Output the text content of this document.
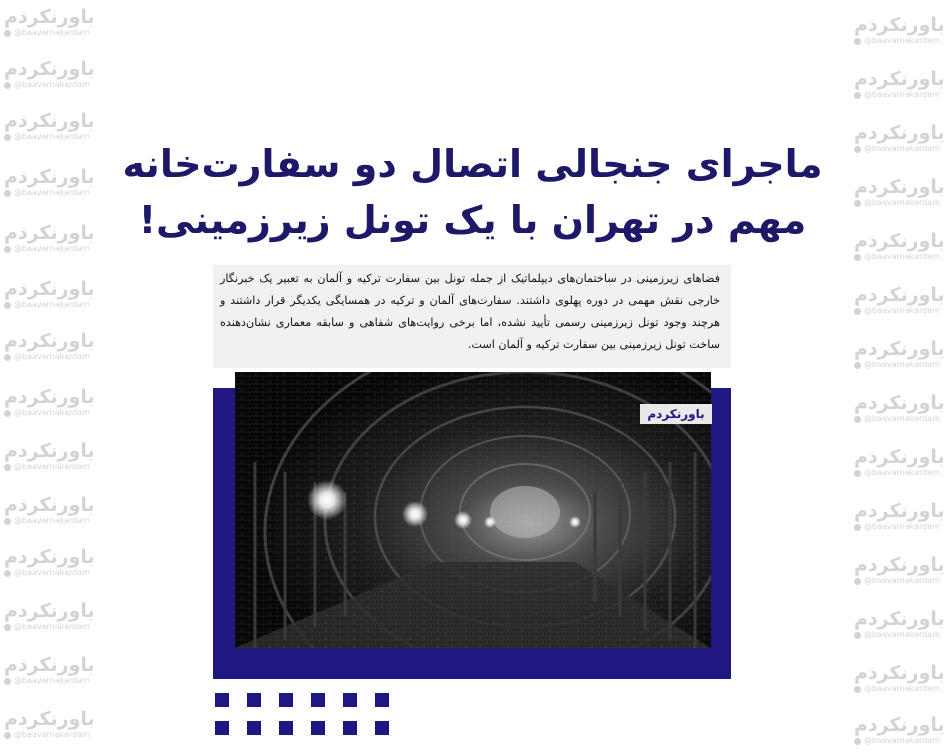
باورنکردم
@baavarnakardam
باورنکردم
@baavarnakardam
باورنکردم
@baavarnakardam
باورنکردم
@baavarnakardam
باورنکردم
@baavarnakardam
باورنکردم
@baavarnakardam
باورنکردم
@baavarnakardam
باورنکردم
@baavarnakardam
باورنکردم
@baavarnakardam
باورنکردم
@baavarnakardam
باورنکردم
@baavarnakardam
باورنکردم
@baavarnakardam
باورنکردم
@baavarnakardam
باورنکردم
@baavarnakardam
باورنکردم
@baavarnakardam
باورنکردم
@baavarnakardam
باورنکردم
@baavarnakardam
باورنکردم
@baavarnakardam
باورنکردم
@baavarnakardam
باورنکردم
@baavarnakardam
باورنکردم
@baavarnakardam
باورنکردم
@baavarnakardam
باورنکردم
@baavarnakardam
باورنکردم
@baavarnakardam
باورنکردم
@baavarnakardam
باورنکردم
@baavarnakardam
باورنکردم
@baavarnakardam
باورنکردم
@baavarnakardam
ماجرای جنجالی اتصال دو سفارت‌خانه
مهم در تهران با یک تونل زیرزمینی!
فضاهای زیرزمینی در ساختمان‌های دیپلماتیک از جمله تونل بین سفارت ترکیه و آلمان به تعبیر یک خبرنگار خارجی نقش مهمی در دوره پهلوی داشتند. سفارت‌های آلمان و ترکیه در همسایگی یکدیگر قرار داشتند و هرچند وجود تونل زیرزمینی رسمی تأیید نشده، اما برخی روایت‌های شفاهی و سابقه معماری نشان‌دهنده ساخت تونل زیرزمینی بین سفارت ترکیه و آلمان است.
باورنکردم
